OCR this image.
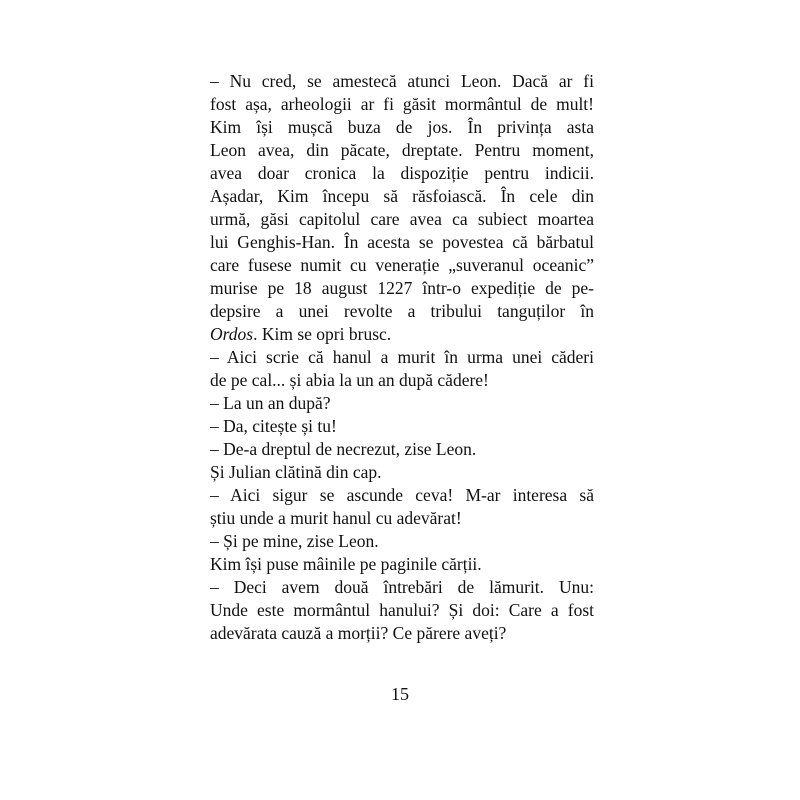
– Nu cred, se amestecă atunci Leon. Dacă ar fi

fost așa, arheologii ar fi găsit mormântul de mult!

Kim își mușcă buza de jos. În privința asta

Leon avea, din păcate, dreptate. Pentru moment,

avea doar cronica la dispoziție pentru indicii.

Așadar, Kim începu să răsfoiască. În cele din

urmă, găsi capitolul care avea ca subiect moartea

lui Genghis-Han. În acesta se povestea că bărbatul

care fusese numit cu venerație „suveranul oceanic”

murise pe 18 august 1227 într-o expediție de pe-

depsire a unei revolte a tribului tanguților în

Ordos. Kim se opri brusc.

– Aici scrie că hanul a murit în urma unei căderi

de pe cal... și abia la un an după cădere!

– La un an după?

– Da, citește și tu!

– De-a dreptul de necrezut, zise Leon.

Și Julian clătină din cap.

– Aici sigur se ascunde ceva! M-ar interesa să

știu unde a murit hanul cu adevărat!

– Și pe mine, zise Leon.

Kim își puse mâinile pe paginile cărții.

– Deci avem două întrebări de lămurit. Unu:

Unde este mormântul hanului? Și doi: Care a fost

adevărata cauză a morții? Ce părere aveți?

15
